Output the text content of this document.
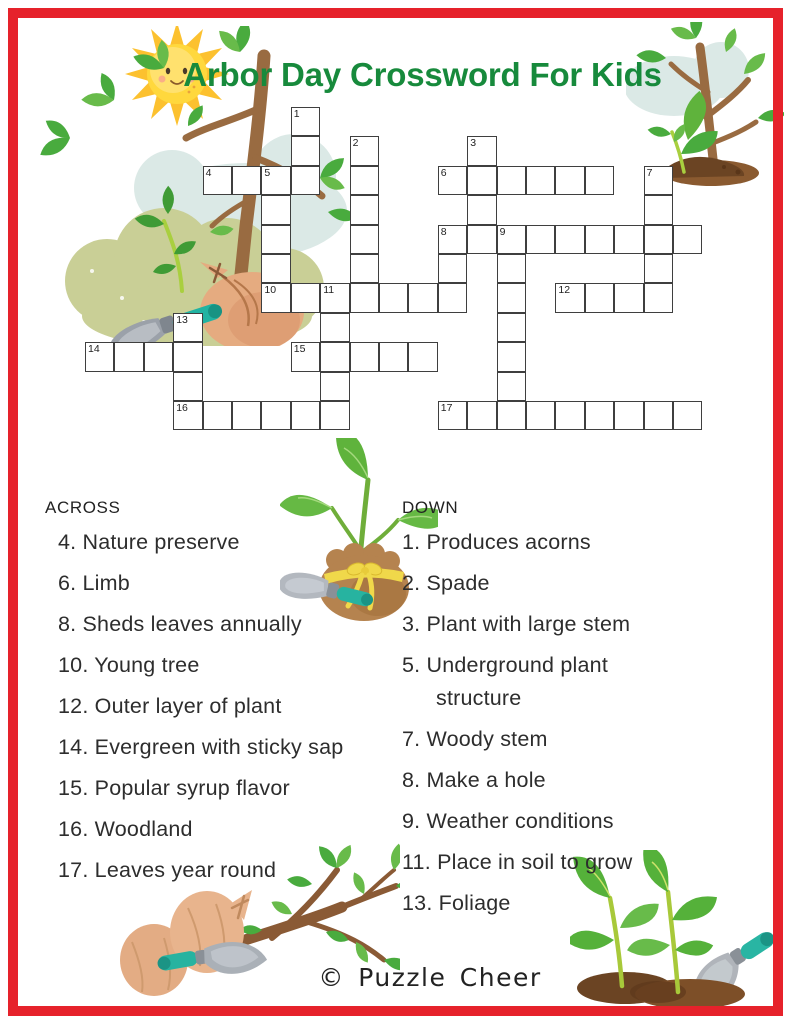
Arbor Day Crossword For Kids
1
2	3
4	5
10
6	7
8	9
11	12
13
16
14	15
17
ACROSS	DOWN
4. Nature preserve
6. Limb
8. Sheds leaves annually
10. Young tree
12. Outer layer of plant
14. Evergreen with sticky sap
15. Popular syrup flavor
16. Woodland
17. Leaves year round
1. Produces acorns
2. Spade
3. Plant with large stem
5. Underground plant structure
7. Woody stem
8. Make a hole
9. Weather conditions
11. Place in soil to grow
13. Foliage
© Puzzle Cheer
